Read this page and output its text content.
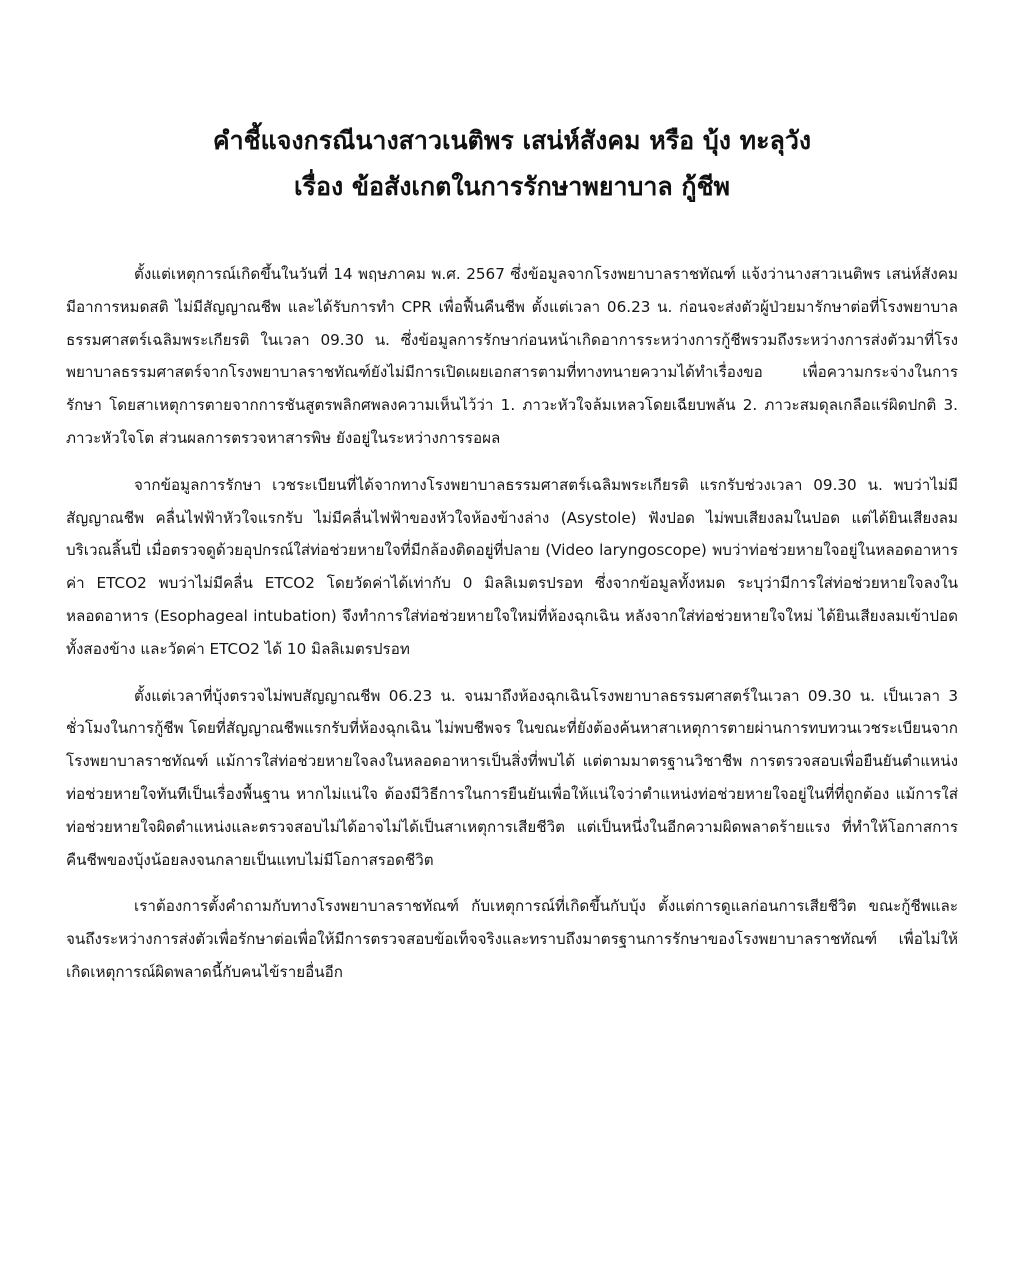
คำชี้แจงกรณีนางสาวเนติพร เสน่ห์สังคม หรือ บุ้ง ทะลุวัง
เรื่อง ข้อสังเกตในการรักษาพยาบาล กู้ชีพ

ตั้งแต่เหตุการณ์เกิดขึ้นในวันที่ 14 พฤษภาคม พ.ศ. 2567 ซึ่งข้อมูลจากโรงพยาบาลราชทัณฑ์ แจ้งว่านางสาวเนติพร เสน่ห์สังคม มีอาการหมดสติ ไม่มีสัญญาณชีพ และได้รับการทำ CPR เพื่อฟื้นคืนชีพ ตั้งแต่เวลา 06.23 น. ก่อนจะส่งตัวผู้ป่วยมารักษาต่อที่โรงพยาบาลธรรมศาสตร์เฉลิมพระเกียรติ ในเวลา 09.30 น. ซึ่งข้อมูลการรักษาก่อนหน้าเกิดอาการระหว่างการกู้ชีพรวมถึงระหว่างการส่งตัวมาที่โรงพยาบาลธรรมศาสตร์จากโรงพยาบาลราชทัณฑ์ยังไม่มีการเปิดเผยเอกสารตามที่ทางทนายความได้ทำเรื่องขอ เพื่อความกระจ่างในการรักษา โดยสาเหตุการตายจากการชันสูตรพลิกศพลงความเห็นไว้ว่า 1. ภาวะหัวใจล้มเหลวโดยเฉียบพลัน 2. ภาวะสมดุลเกลือแร่ผิดปกติ 3. ภาวะหัวใจโต ส่วนผลการตรวจหาสารพิษ ยังอยู่ในระหว่างการรอผล

จากข้อมูลการรักษา เวชระเบียนที่ได้จากทางโรงพยาบาลธรรมศาสตร์เฉลิมพระเกียรติ แรกรับช่วงเวลา 09.30 น. พบว่าไม่มีสัญญาณชีพ คลื่นไฟฟ้าหัวใจแรกรับ ไม่มีคลื่นไฟฟ้าของหัวใจห้องข้างล่าง (Asystole) ฟังปอด ไม่พบเสียงลมในปอด แต่ได้ยินเสียงลมบริเวณลิ้นปี่ เมื่อตรวจดูด้วยอุปกรณ์ใส่ท่อช่วยหายใจที่มีกล้องติดอยู่ที่ปลาย (Video laryngoscope) พบว่าท่อช่วยหายใจอยู่ในหลอดอาหาร ค่า ETCO2 พบว่าไม่มีคลื่น ETCO2 โดยวัดค่าได้เท่ากับ 0 มิลลิเมตรปรอท ซึ่งจากข้อมูลทั้งหมด ระบุว่ามีการใส่ท่อช่วยหายใจลงในหลอดอาหาร (Esophageal intubation) จึงทำการใส่ท่อช่วยหายใจใหม่ที่ห้องฉุกเฉิน หลังจากใส่ท่อช่วยหายใจใหม่ ได้ยินเสียงลมเข้าปอดทั้งสองข้าง และวัดค่า ETCO2 ได้ 10 มิลลิเมตรปรอท

ตั้งแต่เวลาที่บุ้งตรวจไม่พบสัญญาณชีพ 06.23 น. จนมาถึงห้องฉุกเฉินโรงพยาบาลธรรมศาสตร์ในเวลา 09.30 น. เป็นเวลา 3 ชั่วโมงในการกู้ชีพ โดยที่สัญญาณชีพแรกรับที่ห้องฉุกเฉิน ไม่พบชีพจร ในขณะที่ยังต้องค้นหาสาเหตุการตายผ่านการทบทวนเวชระเบียนจากโรงพยาบาลราชทัณฑ์ แม้การใส่ท่อช่วยหายใจลงในหลอดอาหารเป็นสิ่งที่พบได้ แต่ตามมาตรฐานวิชาชีพ การตรวจสอบเพื่อยืนยันตำแหน่งท่อช่วยหายใจทันทีเป็นเรื่องพื้นฐาน หากไม่แน่ใจ ต้องมีวิธีการในการยืนยันเพื่อให้แน่ใจว่าตำแหน่งท่อช่วยหายใจอยู่ในที่ที่ถูกต้อง แม้การใส่ท่อช่วยหายใจผิดตำแหน่งและตรวจสอบไม่ได้อาจไม่ได้เป็นสาเหตุการเสียชีวิต แต่เป็นหนึ่งในอีกความผิดพลาดร้ายแรง ที่ทำให้โอกาสการคืนชีพของบุ้งน้อยลงจนกลายเป็นแทบไม่มีโอกาสรอดชีวิต

เราต้องการตั้งคำถามกับทางโรงพยาบาลราชทัณฑ์ กับเหตุการณ์ที่เกิดขึ้นกับบุ้ง ตั้งแต่การดูแลก่อนการเสียชีวิต ขณะกู้ชีพและจนถึงระหว่างการส่งตัวเพื่อรักษาต่อเพื่อให้มีการตรวจสอบข้อเท็จจริงและทราบถึงมาตรฐานการรักษาของโรงพยาบาลราชทัณฑ์ เพื่อไม่ให้เกิดเหตุการณ์ผิดพลาดนี้กับคนไข้รายอื่นอีก
